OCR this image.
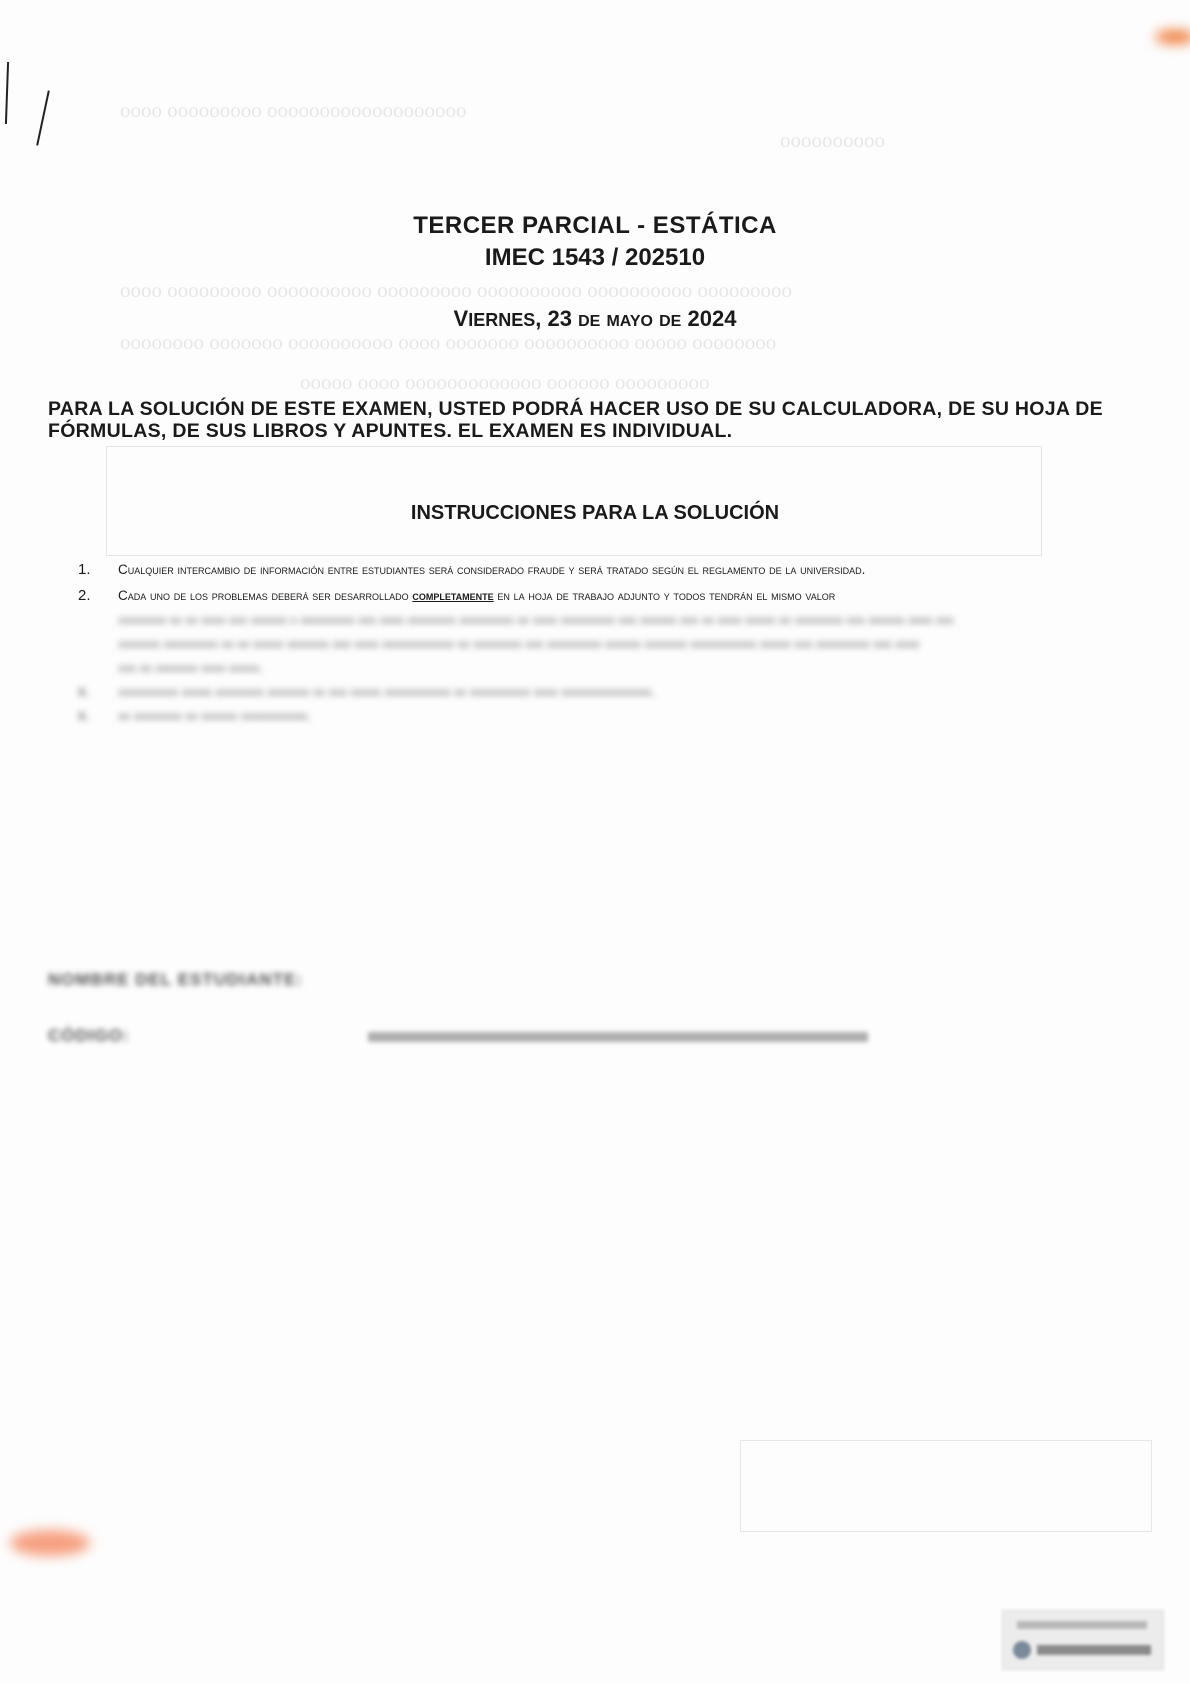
ooooooooooooooooooo ooooooooo oooo
oooooooooo
ooooooooo oooooooooo oooooooooo ooooooooo oooooooooo ooooooooo oooo
oooooooo ooooo oooooooooo ooooooo oooo oooooooooo ooooooo oooooooo
ooooooooo oooooo ooooooooooooo oooo ooooo
TERCER PARCIAL - ESTÁTICA
IMEC 1543 / 202510
VIERNES, 23 DE MAYO DE 2024
PARA LA SOLUCIÓN DE ESTE EXAMEN, USTED PODRÁ HACER USO DE SU CALCULADORA, DE SU HOJA DE FÓRMULAS, DE SUS LIBROS Y APUNTES. EL EXAMEN ES INDIVIDUAL.
INSTRUCCIONES PARA LA SOLUCIÓN
1.	Cualquier intercambio de información entre estudiantes será considerado fraude y será tratado según el reglamento de la universidad.
2.	Cada uno de los problemas deberá ser desarrollado completamente en la hoja de trabajo adjunto y todos tendrán el mismo valor
xxxxxxxx xx xx xxxx xxx xxxxxx x xxxxxxxxx xxx xxxx xxxxxxxx xxxxxxxxx xx xxxx xxxxxxxxx xxx xxxxxx xxx xx xxxx xxxxx xx xxxxxxxx xxx xxxxxx xxxx xxx
xxxxxxx xxxxxxxxx xx xx xxxxx xxxxxxx xxx xxxx xxxxxxxxxxxx xx xxxxxxxx xxx xxxxxxxxx xxxxxx xxxxxxx xxxxxxxxxxx xxxxx xxx xxxxxxxxx xxx xxxx
xxx xx xxxxxxx xxxx xxxxx.
x.	xxxxxxxxxx xxxxx xxxxxxxx xxxxxxx xx xxx xxxxx xxxxxxxxxxx xx xxxxxxxxxx xxxx xxxxxxxxxxxxxxx.
x.	xx xxxxxxxx xx xxxxxx xxxxxxxxxxx.
NOMBRE DEL ESTUDIANTE:
CÓDIGO:
